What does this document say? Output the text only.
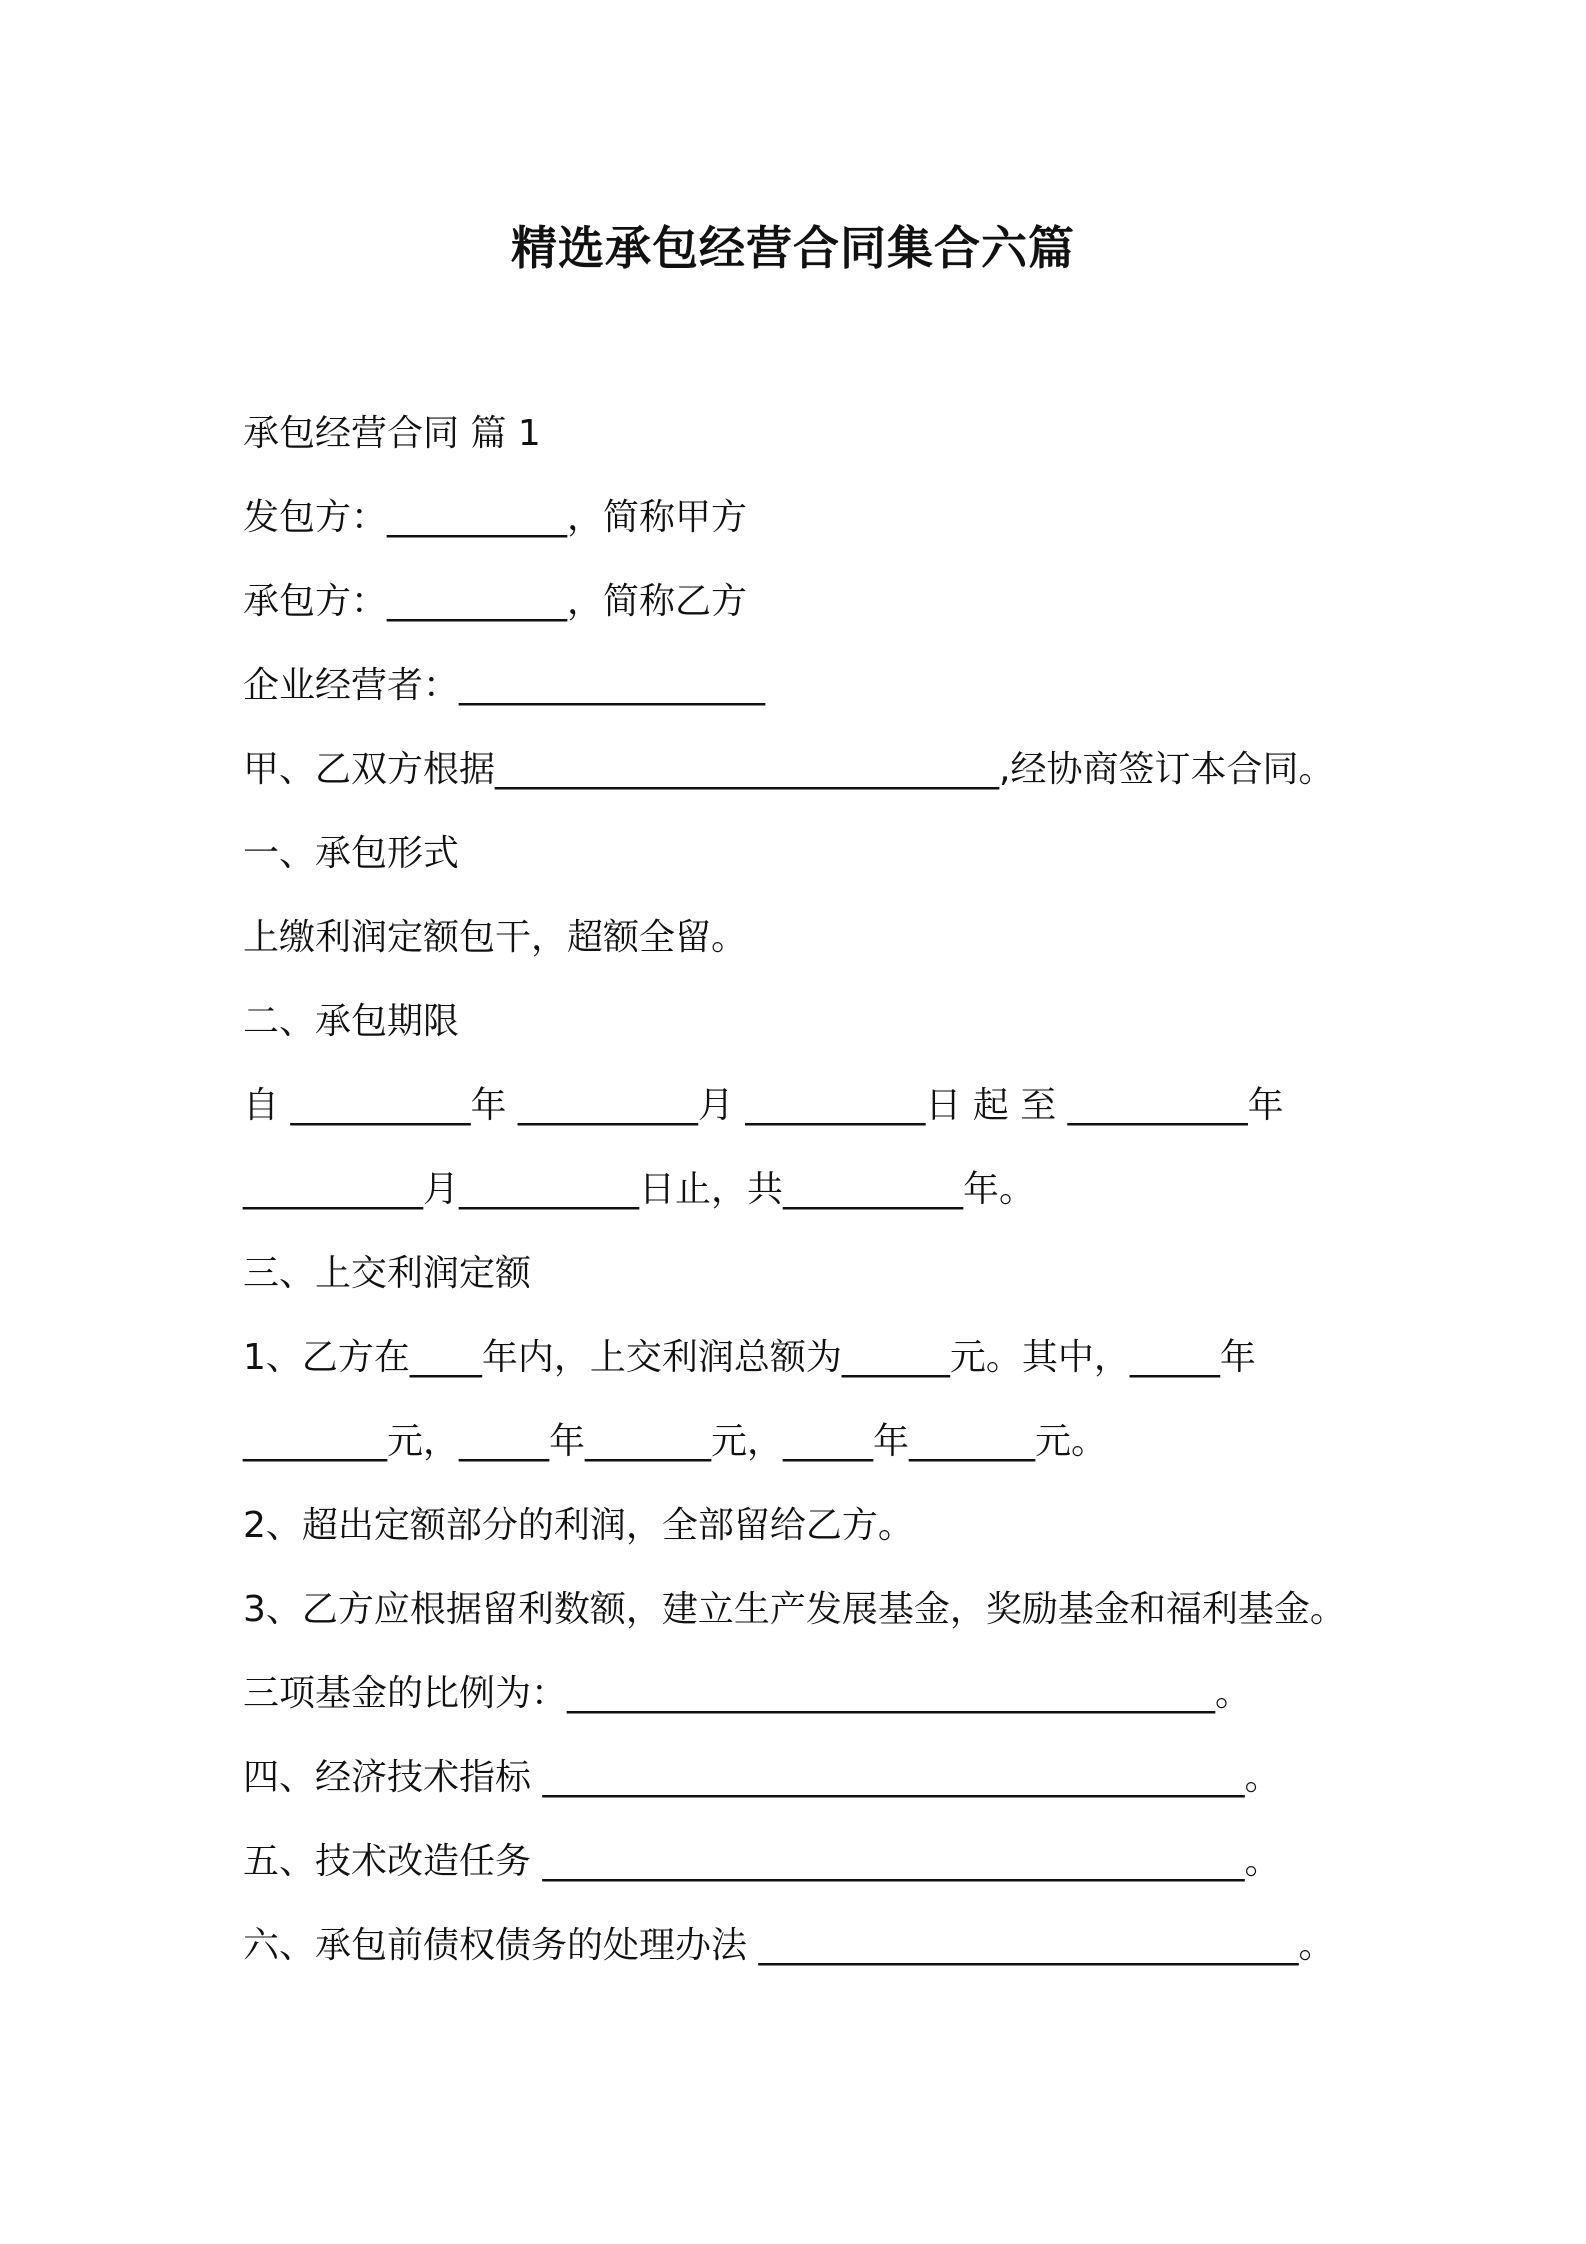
精选承包经营合同集合六篇
承包经营合同 篇 1
发包方：__________，简称甲方
承包方：__________，简称乙方
企业经营者：_________________
甲、乙双方根据____________________________,经协商签订本合同。
一、承包形式
上缴利润定额包干，超额全留。
二、承包期限
自 __________年 __________月 __________日 起 至 __________年
__________月__________日止，共__________年。
三、上交利润定额
1、乙方在____年内，上交利润总额为______元。其中，_____年
________元，_____年_______元，_____年_______元。
2、超出定额部分的利润，全部留给乙方。
3、乙方应根据留利数额，建立生产发展基金，奖励基金和福利基金。
三项基金的比例为：____________________________________。
四、经济技术指标 _______________________________________。
五、技术改造任务 _______________________________________。
六、承包前债权债务的处理办法 ______________________________。
